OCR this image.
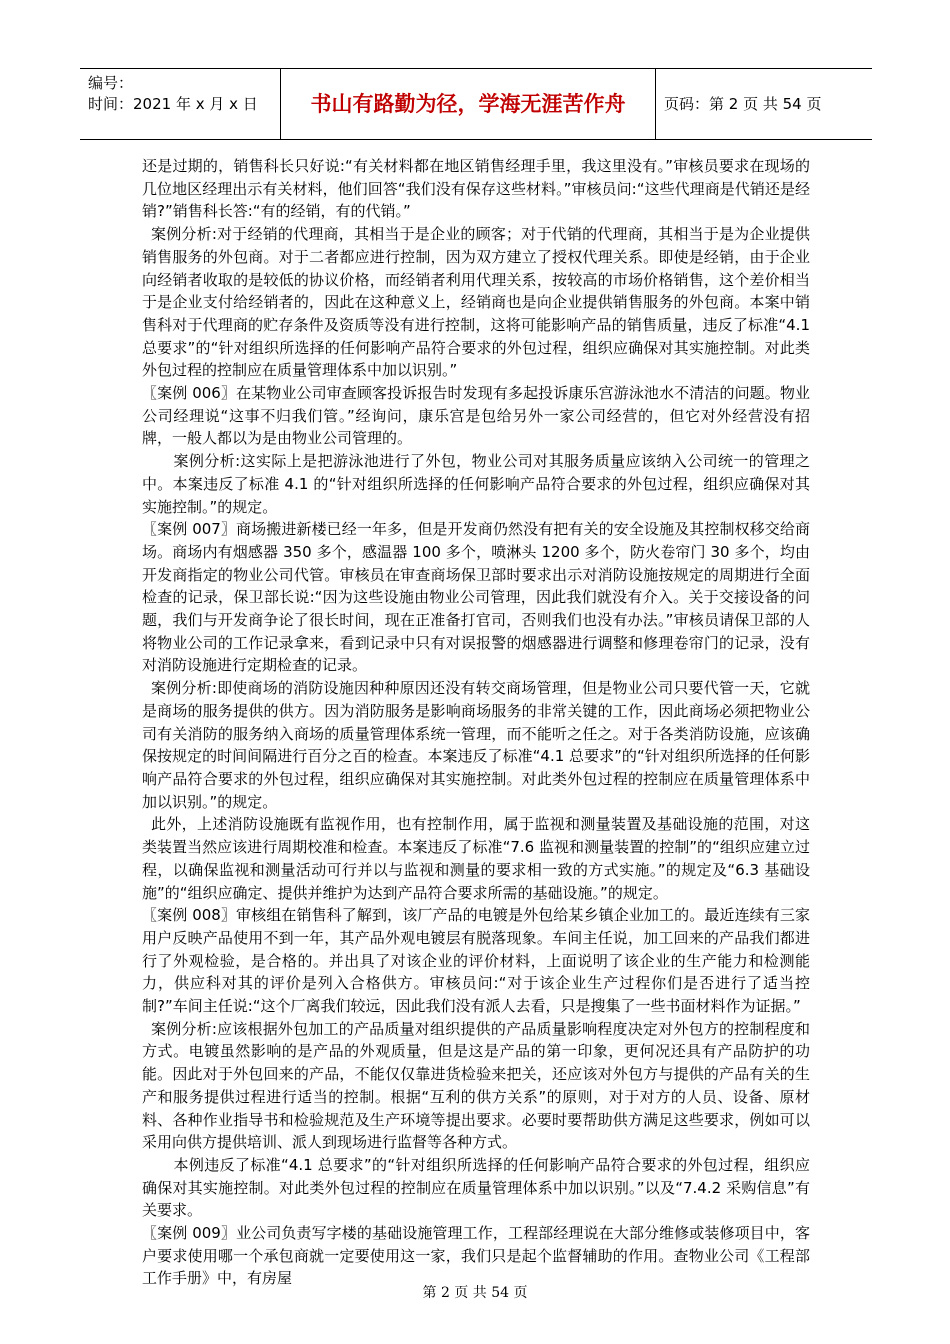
编号：
时间：2021 年 x 月 x 日	书山有路勤为径，学海无涯苦作舟	页码：第 2 页 共 54 页

还是过期的，销售科长只好说:“有关材料都在地区销售经理手里，我这里没有。”审核员要求在现场的几位地区经理出示有关材料，他们回答“我们没有保存这些材料。”审核员问:“这些代理商是代销还是经销?”销售科长答:“有的经销，有的代销。”

案例分析:对于经销的代理商，其相当于是企业的顾客；对于代销的代理商，其相当于是为企业提供销售服务的外包商。对于二者都应进行控制，因为双方建立了授权代理关系。即使是经销，由于企业向经销者收取的是较低的协议价格，而经销者利用代理关系，按较高的市场价格销售，这个差价相当于是企业支付给经销者的，因此在这种意义上，经销商也是向企业提供销售服务的外包商。本案中销售科对于代理商的贮存条件及资质等没有进行控制，这将可能影响产品的销售质量，违反了标准“4.1 总要求”的“针对组织所选择的任何影响产品符合要求的外包过程，组织应确保对其实施控制。对此类外包过程的控制应在质量管理体系中加以识别。”

〖案例 006〗在某物业公司审查顾客投诉报告时发现有多起投诉康乐宫游泳池水不清洁的问题。物业公司经理说“这事不归我们管。”经询问，康乐宫是包给另外一家公司经营的，但它对外经营没有招牌，一般人都以为是由物业公司管理的。

案例分析:这实际上是把游泳池进行了外包，物业公司对其服务质量应该纳入公司统一的管理之中。本案违反了标准 4.1 的“针对组织所选择的任何影响产品符合要求的外包过程，组织应确保对其实施控制。”的规定。

〖案例 007〗商场搬进新楼已经一年多，但是开发商仍然没有把有关的安全设施及其控制权移交给商场。商场内有烟感器 350 多个，感温器 100 多个，喷淋头 1200 多个，防火卷帘门 30 多个，均由开发商指定的物业公司代管。审核员在审查商场保卫部时要求出示对消防设施按规定的周期进行全面检查的记录，保卫部长说:“因为这些设施由物业公司管理，因此我们就没有介入。关于交接设备的问题，我们与开发商争论了很长时间，现在正准备打官司，否则我们也没有办法。”审核员请保卫部的人将物业公司的工作记录拿来，看到记录中只有对误报警的烟感器进行调整和修理卷帘门的记录，没有对消防设施进行定期检查的记录。

案例分析:即使商场的消防设施因种种原因还没有转交商场管理，但是物业公司只要代管一天，它就是商场的服务提供的供方。因为消防服务是影响商场服务的非常关键的工作，因此商场必须把物业公司有关消防的服务纳入商场的质量管理体系统一管理，而不能听之任之。对于各类消防设施，应该确保按规定的时间间隔进行百分之百的检查。本案违反了标准“4.1 总要求”的“针对组织所选择的任何影响产品符合要求的外包过程，组织应确保对其实施控制。对此类外包过程的控制应在质量管理体系中加以识别。”的规定。

此外，上述消防设施既有监视作用，也有控制作用，属于监视和测量装置及基础设施的范围，对这类装置当然应该进行周期校准和检查。本案违反了标准“7.6 监视和测量装置的控制”的“组织应建立过程，以确保监视和测量活动可行并以与监视和测量的要求相一致的方式实施。”的规定及“6.3 基础设施”的“组织应确定、提供并维护为达到产品符合要求所需的基础设施。”的规定。

〖案例 008〗审核组在销售科了解到，该厂产品的电镀是外包给某乡镇企业加工的。最近连续有三家用户反映产品使用不到一年，其产品外观电镀层有脱落现象。车间主任说，加工回来的产品我们都进行了外观检验，是合格的。并出具了对该企业的评价材料，上面说明了该企业的生产能力和检测能力，供应科对其的评价是列入合格供方。审核员问:“对于该企业生产过程你们是否进行了适当控制?”车间主任说:“这个厂离我们较远，因此我们没有派人去看，只是搜集了一些书面材料作为证据。”

案例分析:应该根据外包加工的产品质量对组织提供的产品质量影响程度决定对外包方的控制程度和方式。电镀虽然影响的是产品的外观质量，但是这是产品的第一印象，更何况还具有产品防护的功能。因此对于外包回来的产品，不能仅仅靠进货检验来把关，还应该对外包方与提供的产品有关的生产和服务提供过程进行适当的控制。根据“互利的供方关系”的原则，对于对方的人员、设备、原材料、各种作业指导书和检验规范及生产环境等提出要求。必要时要帮助供方满足这些要求，例如可以采用向供方提供培训、派人到现场进行监督等各种方式。

本例违反了标准“4.1 总要求”的“针对组织所选择的任何影响产品符合要求的外包过程，组织应确保对其实施控制。对此类外包过程的控制应在质量管理体系中加以识别。”以及“7.4.2 采购信息”有关要求。

〖案例 009〗业公司负责写字楼的基础设施管理工作，工程部经理说在大部分维修或装修项目中，客户要求使用哪一个承包商就一定要使用这一家，我们只是起个监督辅助的作用。查物业公司《工程部工作手册》中，有房屋

第 2 页 共 54 页
